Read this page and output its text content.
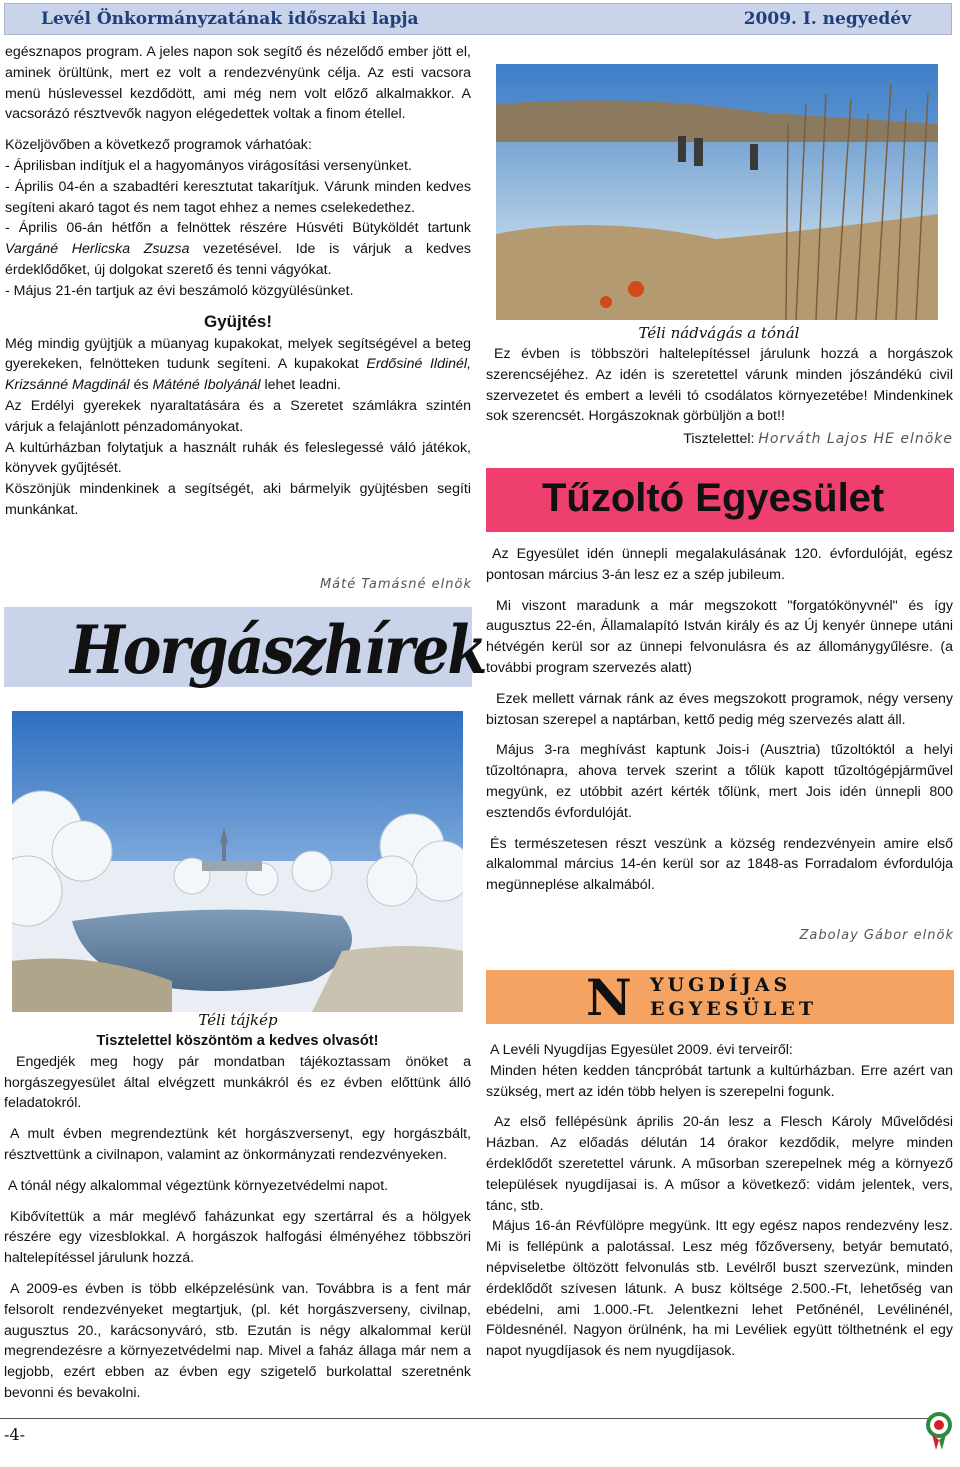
Levél Önkormányzatának időszaki lapja	2009. I. negyedév

egésznapos program. A jeles napon sok segítő és nézelődő ember jött el, aminek örültünk, mert ez volt a rendezvényünk célja. Az esti vacsora menü húslevessel kezdődött, ami még nem volt előző alkalmakkor. A vacsorázó résztvevők nagyon elégedettek voltak a finom étellel.

Közeljövőben a következő programok várhatóak:

- Áprilisban indítjuk el a hagyományos virágosítási versenyünket.

- Április 04-én a szabadtéri keresztutat takarítjuk. Várunk minden kedves segíteni akaró tagot és nem tagot ehhez a nemes cselekedethez.

- Április 06-án hétfőn a felnöttek részére Húsvéti Bütyköldét tartunk Vargáné Herlicska Zsuzsa vezetésével. Ide is várjuk a kedves érdeklődőket, új dolgokat szerető és tenni vágyókat.

- Május 21-én tartjuk az évi beszámoló közgyülésünket.

Gyüjtés!

Még mindig gyüjtjük a müanyag kupakokat, melyek segítségével a beteg gyerekeken, felnötteken tudunk segíteni. A kupakokat Erdősiné Ildinél, Krizsánné Magdinál és Máténé Ibolyánál lehet leadni.

Az Erdélyi gyerekek nyaraltatására és a Szeretet számlákra szintén várjuk a felajánlott pénzadományokat.

A kultúrházban folytatjuk a használt ruhák és feleslegessé váló játékok, könyvek gyűjtését.

Köszönjük mindenkinek a segítségét, aki bármelyik gyüjtésben segíti munkánkat.

Máté Tamásné elnök
Horgászhírek
Téli tájkép
Tisztelettel köszöntöm a kedves olvasót!

Engedjék meg hogy pár mondatban tájékoztassam önöket a horgászegyesület által elvégzett munkákról és ez évben előttünk álló feladatokról.

A mult évben megrendeztünk két horgászversenyt, egy horgászbált, résztvettünk a civilnapon, valamint az önkormányzati rendezvényeken.

A tónál négy alkalommal végeztünk környezetvédelmi napot.

Kibővítettük a már meglévő faházunkat egy szertárral és a hölgyek részére egy vizesblokkal. A horgászok halfogási élményéhez többszöri haltelepítéssel járulunk hozzá.

A 2009-es évben is több elképzelésünk van. Továbbra is a fent már felsorolt rendezvényeket megtartjuk, (pl. két horgászverseny, civilnap, augusztus 20., karácsonyváró, stb. Ezután is négy alkalommal kerül megrendezésre a környezetvédelmi nap. Mivel a faház állaga már nem a legjobb, ezért ebben az évben egy szigetelő burkolattal szeretnénk bevonni és bevakolni.

Téli nádvágás a tónál

Ez évben is többszöri haltelepítéssel járulunk hozzá a horgászok szerencséjéhez. Az idén is szeretettel várunk minden jószándékú civil szervezetet és embert a levéli tó csodálatos környezetébe! Mindenkinek sok szerencsét. Horgászoknak görbüljön a bot!!

Tisztelettel: Horváth Lajos HE elnöke

Tűzoltó Egyesület

Az Egyesület idén ünnepli megalakulásának 120. évfordulóját, egész pontosan március 3-án lesz ez a szép jubileum.

Mi viszont maradunk a már megszokott "forgatókönyvnél" és így augusztus 22-én, Államalapító István király és az Új kenyér ünnepe utáni hétvégén kerül sor az ünnepi felvonulásra és az állománygyűlésre. (a további program szervezés alatt)

Ezek mellett várnak ránk az éves megszokott programok, négy verseny biztosan szerepel a naptárban, kettő pedig még szervezés alatt áll.

Május 3-ra meghívást kaptunk Jois-i (Ausztria) tűzoltóktól a helyi tűzoltónapra, ahova tervek szerint a tőlük kapott tűzoltógépjárművel megyünk, ez utóbbit azért kérték tőlünk, mert Jois idén ünnepli 800 esztendős évfordulóját.

És természetesen részt veszünk a község rendezvényein amire első alkalommal március 14-én kerül sor az 1848-as Forradalom évfordulója megünneplése alkalmából.

Zabolay Gábor elnök
N YUGDÍJAS
EGYESÜLET

A Levéli Nyugdíjas Egyesület 2009. évi terveiről:

Minden héten kedden táncpróbát tartunk a kultúrházban. Erre azért van szükség, mert az idén több helyen is szerepelni fogunk.

Az első fellépésünk április 20-án lesz a Flesch Károly Művelődési Házban. Az előadás délután 14 órakor kezdődik, melyre minden érdeklődőt szeretettel várunk. A műsorban szerepelnek még a környező települések nyugdíjasai is. A műsor a következő: vidám jelentek, vers, tánc, stb.

Május 16-án Révfülöpre megyünk. Itt egy egész napos rendezvény lesz. Mi is fellépünk a palotással. Lesz még főzőverseny, betyár bemutató, népviseletbe öltözött felvonulás stb. Levélről buszt szervezünk, minden érdeklődőt szívesen látunk. A busz költsége 2.500.-Ft, lehetőség van ebédelni, ami 1.000.-Ft. Jelentkezni lehet Petőnénél, Levélinénél, Földesnénél. Nagyon örülnénk, ha mi Levéliek együtt tölthetnénk el egy napot nyugdíjasok és nem nyugdíjasok.

-4-
